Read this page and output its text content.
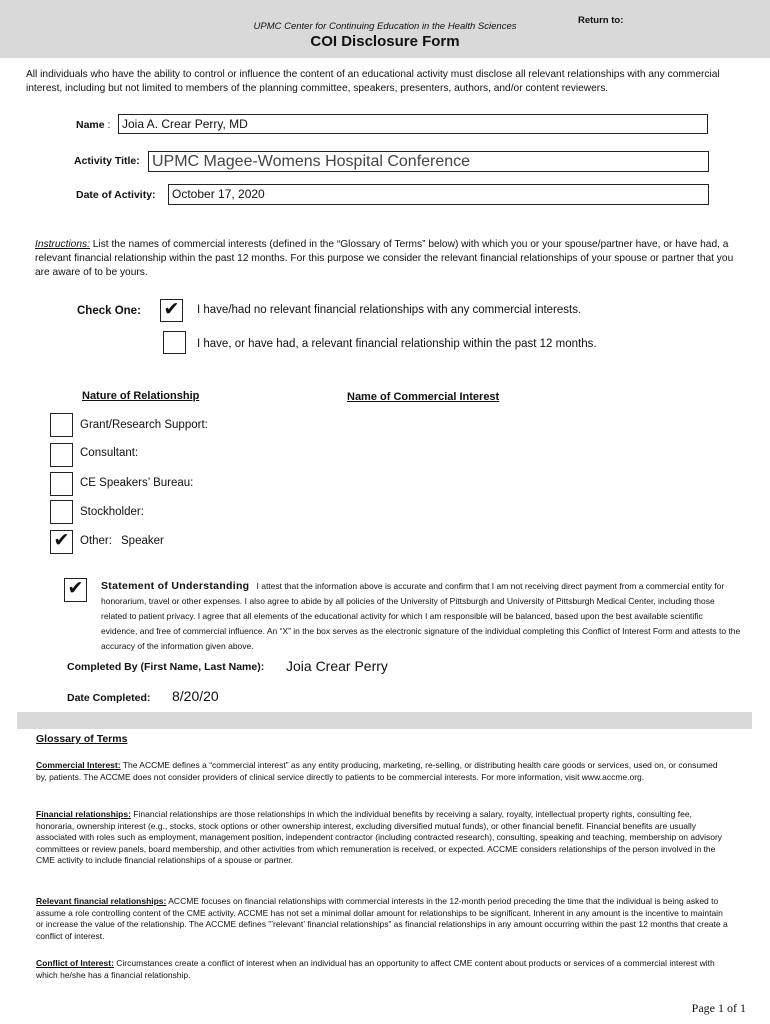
UPMC Center for Continuing Education in the Health Sciences
COI Disclosure Form
Return to:
All individuals who have the ability to control or influence the content of an educational activity must disclose all relevant relationships with any commercial interest, including but not limited to members of the planning committee, speakers, presenters, authors, and/or content reviewers.
Name : Joia A. Crear Perry, MD
Activity Title: UPMC Magee-Womens Hospital Conference
Date of Activity:	October 17, 2020
Instructions: List the names of commercial interests (defined in the “Glossary of Terms” below) with which you or your spouse/partner have, or have had, a relevant financial relationship within the past 12 months. For this purpose we consider the relevant financial relationships of your spouse or partner that you are aware of to be yours.
Check One: ✔	I have/had no relevant financial relationships with any commercial interests.
I have, or have had, a relevant financial relationship within the past 12 months.
Nature of Relationship	Name of Commercial Interest
Grant/Research Support:
Consultant:
CE Speakers’ Bureau:
Stockholder:
✔ Other: Speaker
✔	Statement of Understanding I attest that the information above is accurate and confirm that I am not receiving direct payment from a commercial entity for honorarium, travel or other expenses. I also agree to abide by all policies of the University of Pittsburgh and University of Pittsburgh Medical Center, including those related to patient privacy. I agree that all elements of the educational activity for which I am responsible will be balanced, based upon the best available scientific evidence, and free of commercial influence. An “X” in the box serves as the electronic signature of the individual completing this Conflict of Interest Form and attests to the accuracy of the information given above.
Completed By (First Name, Last Name): Joia Crear Perry
Date Completed: 8/20/20
Glossary of Terms
Commercial Interest: The ACCME defines a “commercial interest” as any entity producing, marketing, re-selling, or distributing health care goods or services, used on, or consumed by, patients. The ACCME does not consider providers of clinical service directly to patients to be commercial interests. For more information, visit www.accme.org.
Financial relationships: Financial relationships are those relationships in which the individual benefits by receiving a salary, royalty, intellectual property rights, consulting fee, honoraria, ownership interest (e.g., stocks, stock options or other ownership interest, excluding diversified mutual funds), or other financial benefit. Financial benefits are usually associated with roles such as employment, management position, independent contractor (including contracted research), consulting, speaking and teaching, membership on advisory committees or review panels, board membership, and other activities from which remuneration is received, or expected. ACCME considers relationships of the person involved in the CME activity to include financial relationships of a spouse or partner.
Relevant financial relationships: ACCME focuses on financial relationships with commercial interests in the 12-month period preceding the time that the individual is being asked to assume a role controlling content of the CME activity. ACCME has not set a minimal dollar amount for relationships to be significant. Inherent in any amount is the incentive to maintain or increase the value of the relationship. The ACCME defines ”’relevant’ financial relationships” as financial relationships in any amount occurring within the past 12 months that create a conflict of interest.
Conflict of Interest: Circumstances create a conflict of interest when an individual has an opportunity to affect CME content about products or services of a commercial interest with which he/she has a financial relationship.
Page 1 of 1
